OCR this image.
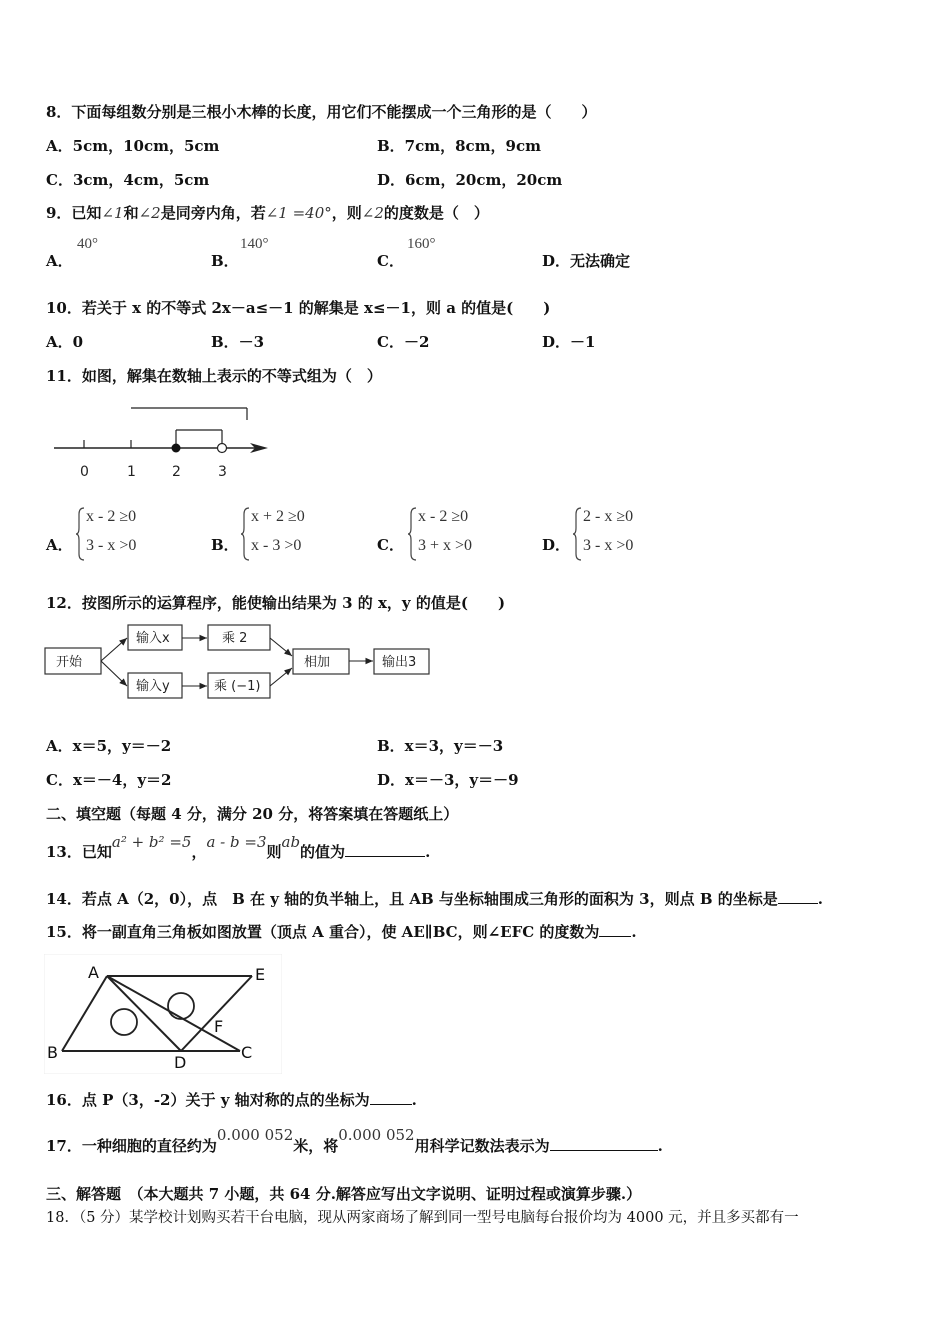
8．下面每组数分别是三根小木棒的长度，用它们不能摆成一个三角形的是（　　）
A．5cm，10cm，5cm	B．7cm，8cm，9cm
C．3cm，4cm，5cm	D．6cm，20cm，20cm
9．已知∠1和∠2是同旁内角，若∠1 =40°，则∠2的度数是（　）
A．
40°
B．
140°
C．
160°
D．无法确定
10．若关于 x 的不等式 2x－a≤－1 的解集是 x≤－1，则 a 的值是(　　)
A．0	B．－3	C．－2	D．－1
11．如图，解集在数轴上表示的不等式组为（　）
0	1	2	3
A．
x - 2 ≥0
3 - x >0	B．
x + 2 ≥0
x - 3 >0	C．
x - 2 ≥0
3 + x >0	D．
2 - x ≥0
3 - x >0
12．按图所示的运算程序，能使输出结果为 3 的 x，y 的值是(　　)
开始
输入x	乘 2
输入y	乘 (−1)
相加	输出3
A．x＝5，y＝－2	B．x＝3，y＝－3
C．x＝－4，y＝2	D．x＝－3，y＝－9
二、填空题（每题 4 分，满分 20 分，将答案填在答题纸上）
13．已知a² + b² =5，a - b =3则ab的值为	.
14．若点 A（2，0），点　B 在 y 轴的负半轴上，且 AB 与坐标轴围成三角形的面积为 3，则点 B 的坐标是	.
15．将一副直角三角板如图放置（顶点 A 重合），使 AE∥BC，则∠EFC 的度数为 .
A	E
F
B
D
C
16．点 P（3，-2）关于 y 轴对称的点的坐标为	.
17．一种细胞的直径约为0.000 052米，将0.000 052用科学记数法表示为	.
三、解答题　（本大题共 7 小题，共 64 分.解答应写出文字说明、证明过程或演算步骤.）
18．（5 分）某学校计划购买若干台电脑，现从两家商场了解到同一型号电脑每台报价均为 4000 元，并且多买都有一
